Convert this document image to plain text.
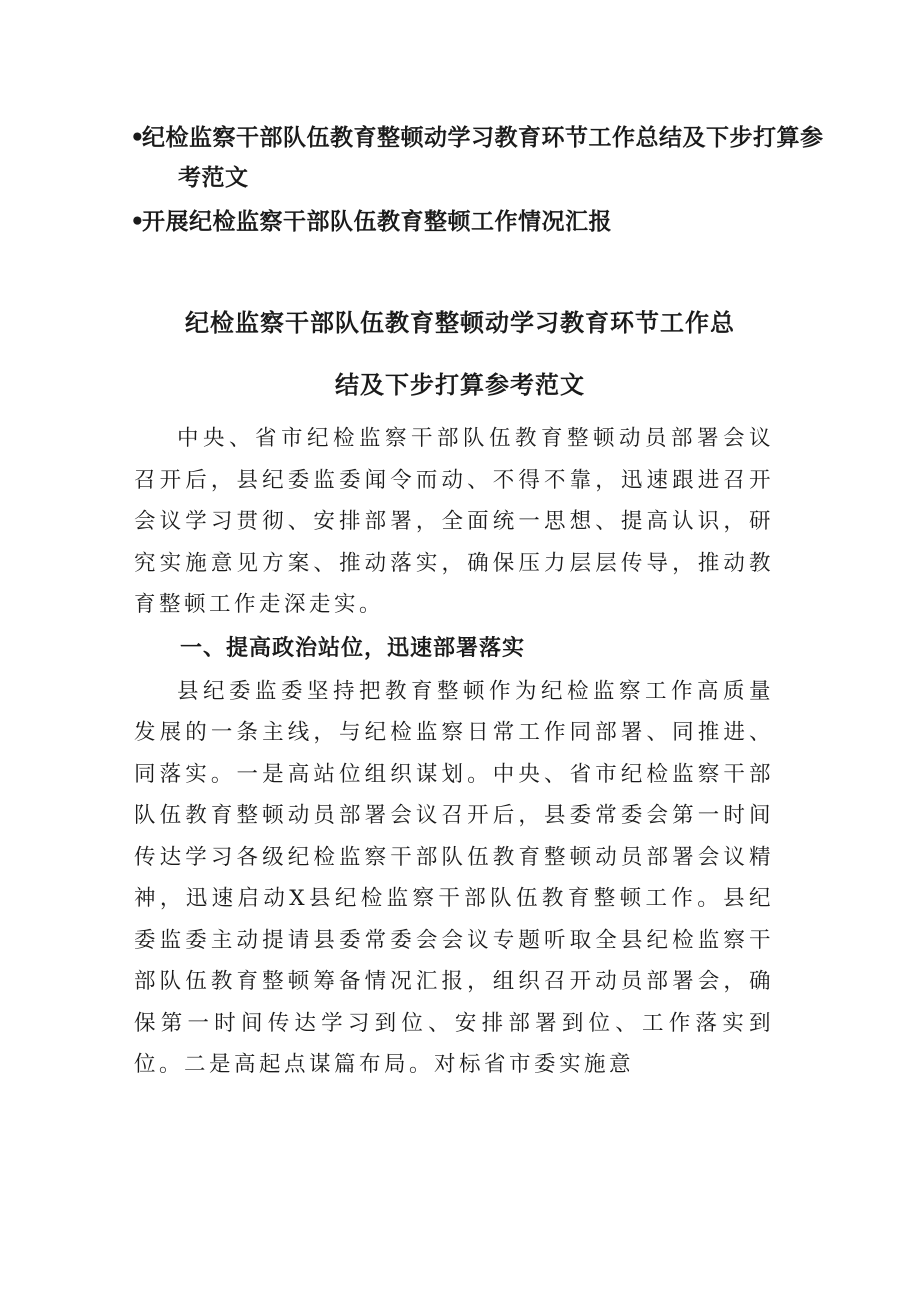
•
纪检监察干部队伍教育整顿动学习教育环节工作总结及下步打算参考范文
•
开展纪检监察干部队伍教育整顿工作情况汇报
纪检监察干部队伍教育整顿动学习教育环节工作总
结及下步打算参考范文

中央、省市纪检监察干部队伍教育整顿动员部署会议召开后，县纪委监委闻令而动、不得不靠，迅速跟进召开会议学习贯彻、安排部署，全面统一思想、提高认识，研究实施意见方案、推动落实，确保压力层层传导，推动教育整顿工作走深走实。

一、提高政治站位，迅速部署落实

县纪委监委坚持把教育整顿作为纪检监察工作高质量发展的一条主线，与纪检监察日常工作同部署、同推进、同落实。一是高站位组织谋划。中央、省市纪检监察干部队伍教育整顿动员部署会议召开后，县委常委会第一时间传达学习各级纪检监察干部队伍教育整顿动员部署会议精神，迅速启动X县纪检监察干部队伍教育整顿工作。县纪委监委主动提请县委常委会会议专题听取全县纪检监察干部队伍教育整顿筹备情况汇报，组织召开动员部署会，确保第一时间传达学习到位、安排部署到位、工作落实到位。二是高起点谋篇布局。对标省市委实施意
